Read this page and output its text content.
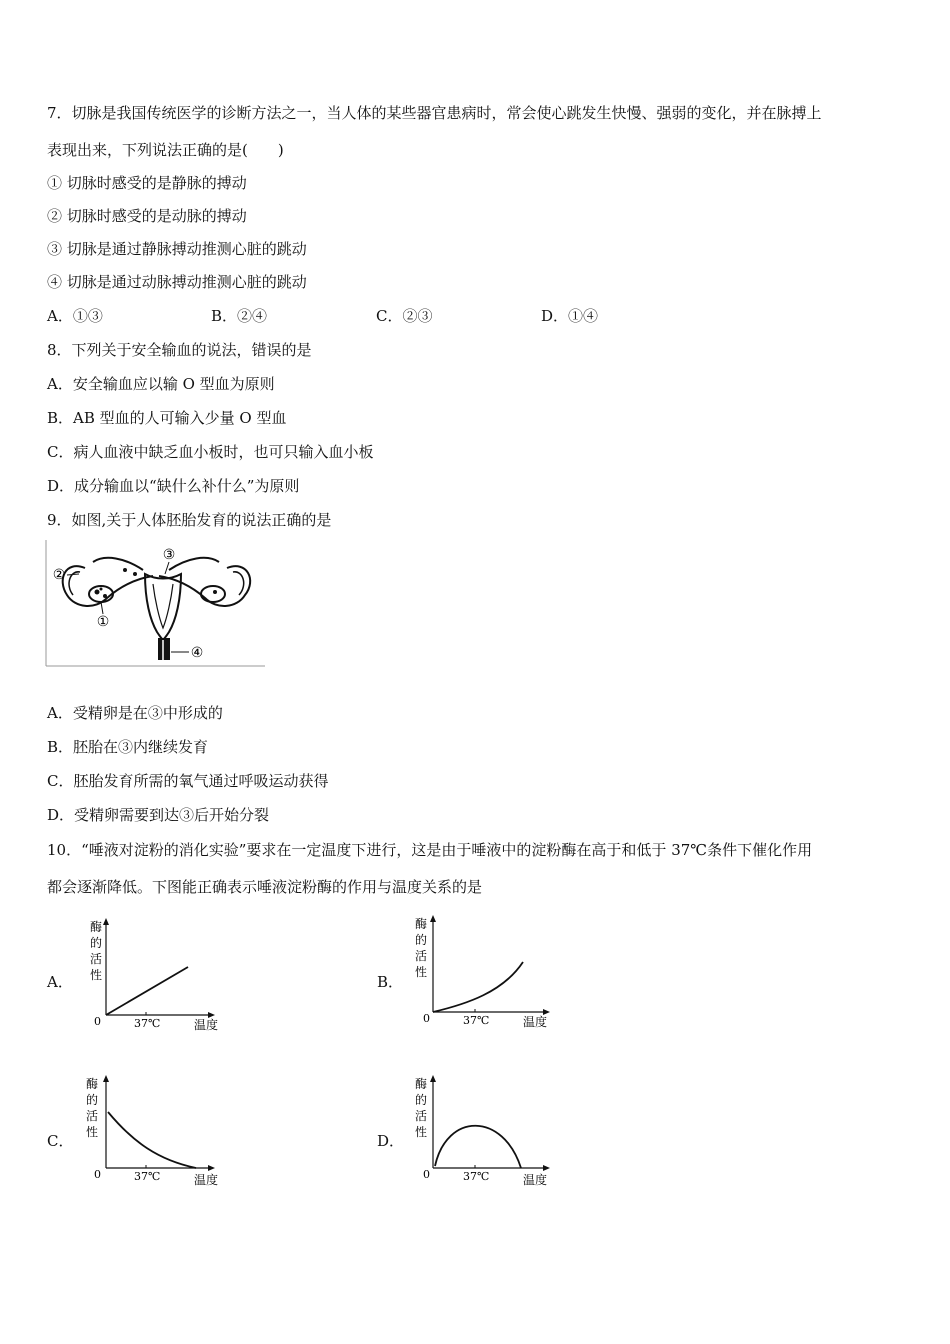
7．切脉是我国传统医学的诊断方法之一，当人体的某些器官患病时，常会使心跳发生快慢、强弱的变化，并在脉搏上
表现出来，下列说法正确的是(　　)
① 切脉时感受的是静脉的搏动
② 切脉时感受的是动脉的搏动
③ 切脉是通过静脉搏动推测心脏的跳动
④ 切脉是通过动脉搏动推测心脏的跳动
A．①③	B．②④	C．②③	D．①④
8．下列关于安全输血的说法，错误的是
A．安全输血应以输 O 型血为原则
B．AB 型血的人可输入少量 O 型血
C．病人血液中缺乏血小板时，也可只输入血小板
D．成分输血以“缺什么补什么”为原则
9．如图,关于人体胚胎发育的说法正确的是
③
②
①
④
A．受精卵是在③中形成的
B．胚胎在③内继续发育
C．胚胎发育所需的氧气通过呼吸运动获得
D．受精卵需要到达③后开始分裂
10．“唾液对淀粉的消化实验”要求在一定温度下进行，这是由于唾液中的淀粉酶在高于和低于 37℃条件下催化作用
都会逐渐降低。下图能正确表示唾液淀粉酶的作用与温度关系的是
A．
酶
的
活
性
0	37℃	温度
B．
酶
的
活
性
0	37℃	温度
C．
酶
的
活
性
0	37℃	温度
D．
酶
的
活
性
0	37℃	温度
